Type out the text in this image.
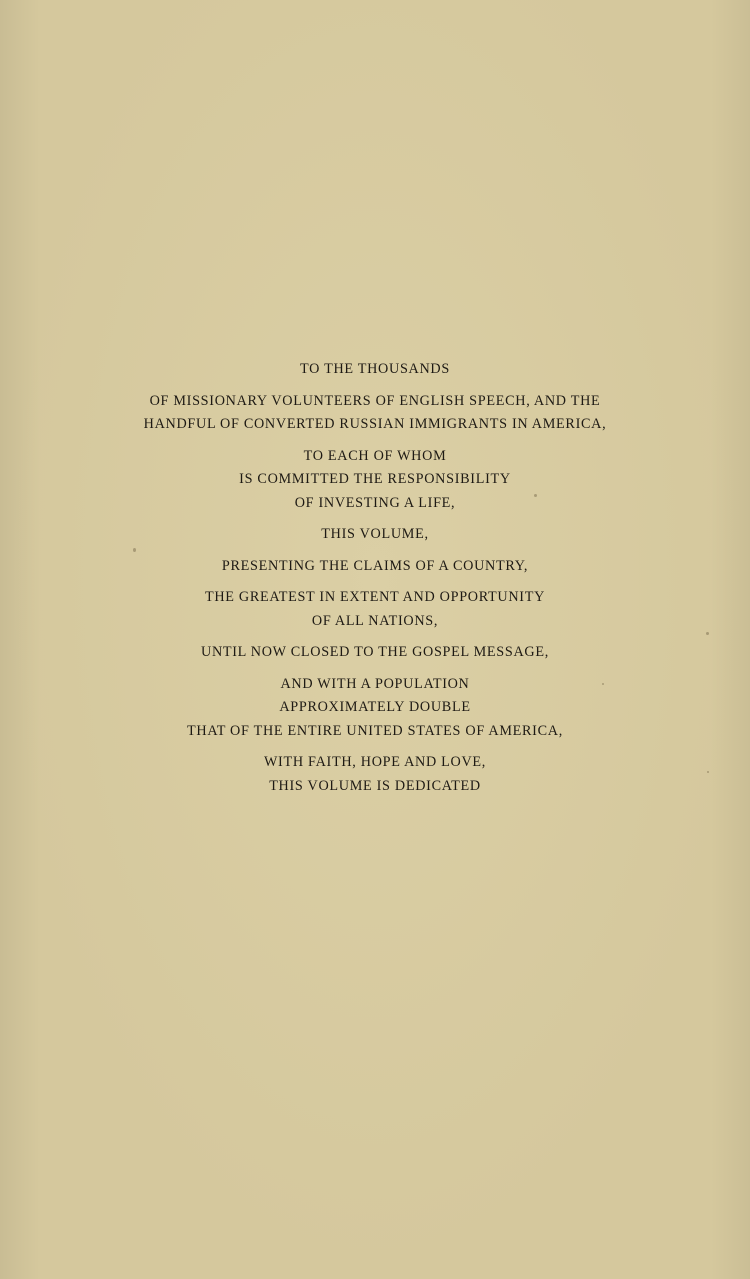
TO THE THOUSANDS
OF MISSIONARY VOLUNTEERS OF ENGLISH SPEECH, AND THE
HANDFUL OF CONVERTED RUSSIAN IMMIGRANTS IN AMERICA,
TO EACH OF WHOM
IS COMMITTED THE RESPONSIBILITY
OF INVESTING A LIFE,
THIS VOLUME,
PRESENTING THE CLAIMS OF A COUNTRY,
THE GREATEST IN EXTENT AND OPPORTUNITY
OF ALL NATIONS,
UNTIL NOW CLOSED TO THE GOSPEL MESSAGE,
AND WITH A POPULATION
APPROXIMATELY DOUBLE
THAT OF THE ENTIRE UNITED STATES OF AMERICA,
WITH FAITH, HOPE AND LOVE,
THIS VOLUME IS DEDICATED
